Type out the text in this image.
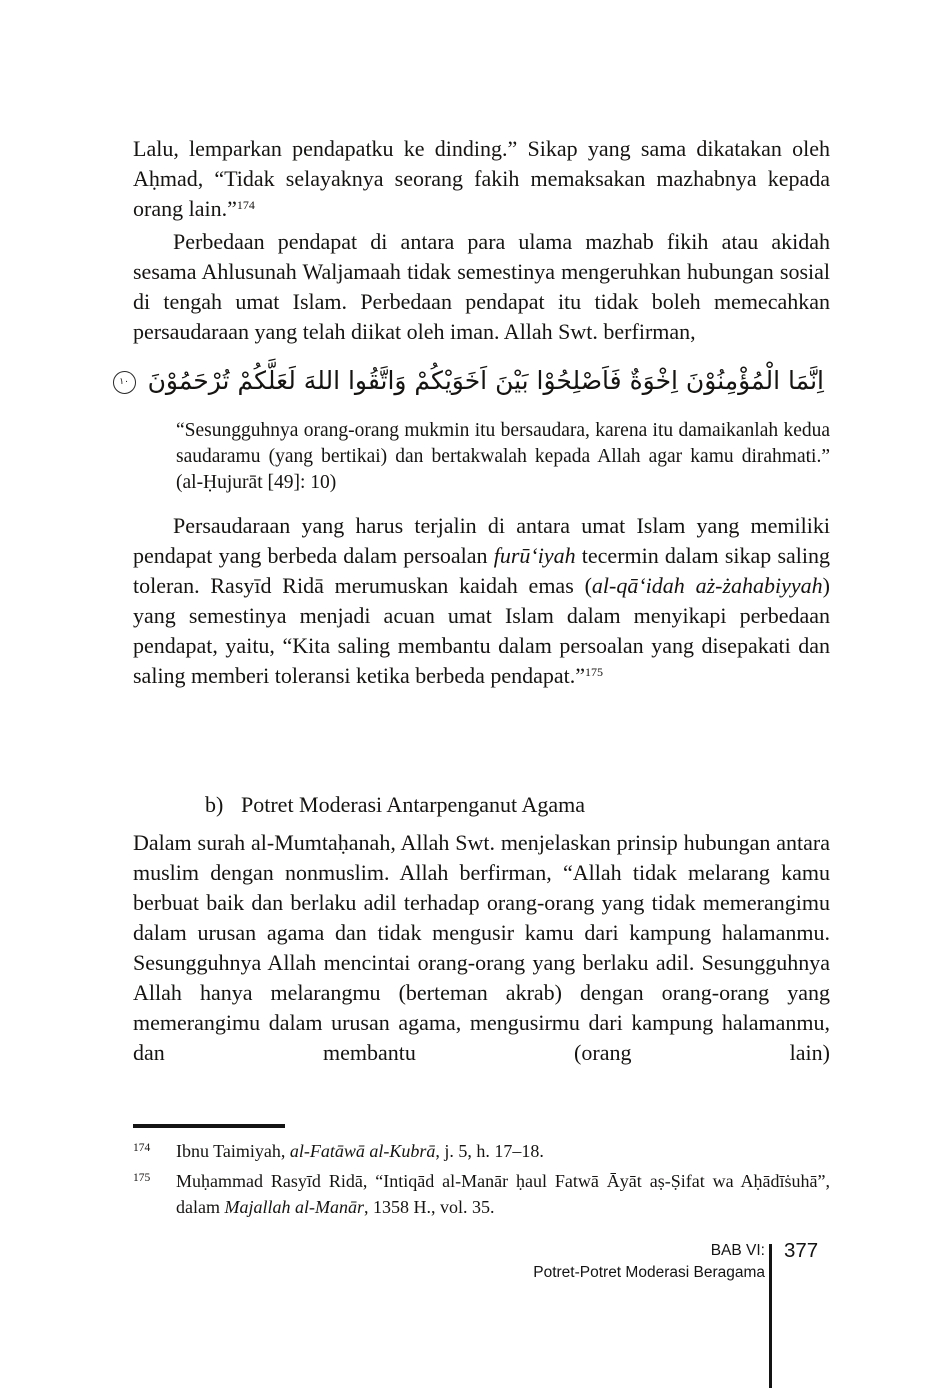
Lalu, lemparkan pendapatku ke dinding.” Sikap yang sama dikatakan oleh Aḥmad, “Tidak selayaknya seorang fakih memaksakan mazhabnya kepada orang lain.”$^{174}$

Perbedaan pendapat di antara para ulama mazhab fikih atau akidah sesama Ahlusunah Waljamaah tidak semestinya mengeruhkan hubungan sosial di tengah umat Islam. Perbedaan pendapat itu tidak boleh memecahkan persaudaraan yang telah diikat oleh iman. Allah Swt. berfirman,

اِنَّمَا الْمُؤْمِنُوْنَ اِخْوَةٌ فَاَصْلِحُوْا بَيْنَ اَخَوَيْكُمْ وَاتَّقُوا اللهَ لَعَلَّكُمْ تُرْحَمُوْنَ
١٠
“Sesungguhnya orang-orang mukmin itu bersaudara, karena itu damaikanlah kedua saudaramu (yang bertikai) dan bertakwalah kepada Allah agar kamu dirahmati.” (al-Ḥujurāt [49]: 10)

Persaudaraan yang harus terjalin di antara umat Islam yang memiliki pendapat yang berbeda dalam persoalan furū‘iyah tecermin dalam sikap saling toleran. Rasyīd Ridā merumuskan kaidah emas (al-qā‘idah aż-żahabiyyah) yang semestinya menjadi acuan umat Islam dalam menyikapi perbedaan pendapat, yaitu, “Kita saling membantu dalam persoalan yang disepakati dan saling memberi toleransi ketika berbeda pendapat.”$^{175}$

b) Potret Moderasi Antarpenganut Agama

Dalam surah al-Mumtaḥanah, Allah Swt. menjelaskan prinsip hubungan antara muslim dengan nonmuslim. Allah berfirman, “Allah tidak melarang kamu berbuat baik dan berlaku adil terhadap orang-orang yang tidak memerangimu dalam urusan agama dan tidak mengusir kamu dari kampung halamanmu. Sesungguhnya Allah mencintai orang-orang yang berlaku adil. Sesungguhnya Allah hanya melarangmu (berteman akrab) dengan orang-orang yang memerangimu dalam urusan agama, mengusirmu dari kampung halamanmu, dan membantu (orang lain)

174 Ibnu Taimiyah, al-Fatāwā al-Kubrā, j. 5, h. 17–18.
175 Muḥammad Rasyīd Ridā, “Intiqād al-Manār ḥaul Fatwā Āyāt aṣ-Ṣifat wa Aḥādīṡuhā”, dalam Majallah al-Manār, 1358 H., vol. 35.
BAB VI:
Potret-Potret Moderasi Beragama
377
